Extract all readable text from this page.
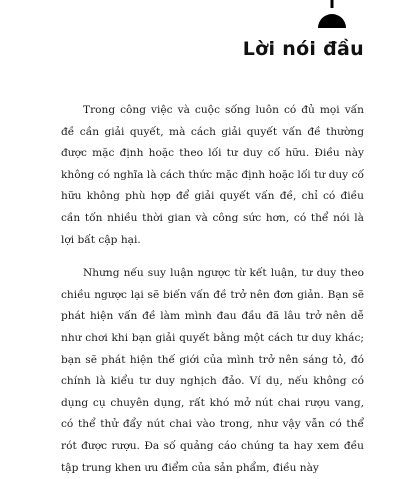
Lời nói đầu

Trong công việc và cuộc sống luôn có đủ mọi vấn đề cần giải quyết, mà cách giải quyết vấn đề thường được mặc định hoặc theo lối tư duy cố hữu. Điều này không có nghĩa là cách thức mặc định hoặc lối tư duy cố hữu không phù hợp để giải quyết vấn đề, chỉ có điều cần tốn nhiều thời gian và công sức hơn, có thể nói là lợi bất cập hại.

Nhưng nếu suy luận ngược từ kết luận, tư duy theo chiều ngược lại sẽ biến vấn đề trở nên đơn giản. Bạn sẽ phát hiện vấn đề làm mình đau đầu đã lâu trở nên dễ như chơi khi bạn giải quyết bằng một cách tư duy khác; bạn sẽ phát hiện thế giới của mình trở nên sáng tỏ, đó chính là kiểu tư duy nghịch đảo. Ví dụ, nếu không có dụng cụ chuyên dụng, rất khó mở nút chai rượu vang, có thể thử đẩy nút chai vào trong, như vậy vẫn có thể rót được rượu. Đa số quảng cáo chúng ta hay xem đều tập trung khen ưu điểm của sản phẩm, điều này
